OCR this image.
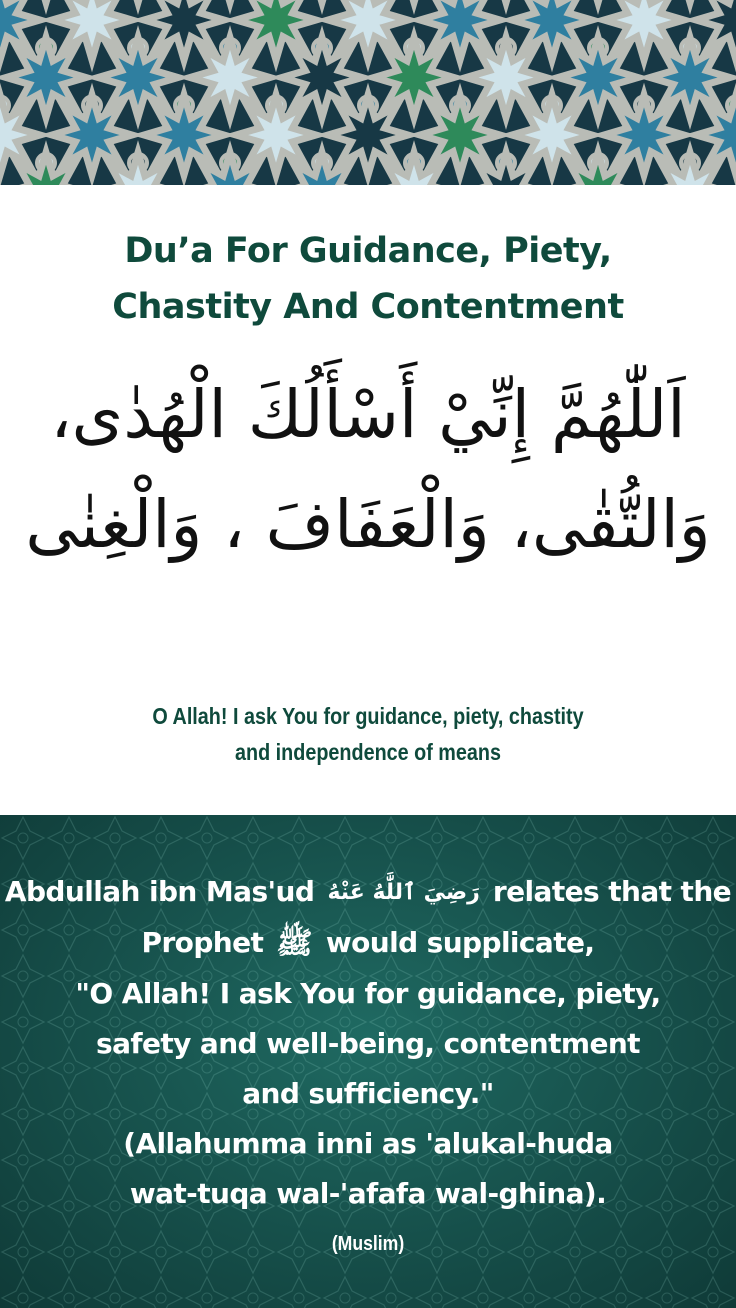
Du’a For Guidance, Piety,
Chastity And Contentment
اَللّٰهُمَّ إِنِّيْ أَسْأَلُكَ الْهُدٰى،
وَالتُّقٰى، وَالْعَفَافَ ، وَالْغِنٰى
O Allah! I ask You for guidance, piety, chastity
and independence of means
Abdullah ibn Mas'ud رَضِيَ ٱللَّٰهُ عَنْهُ relates that the
Prophet ﷺ would supplicate,
"O Allah! I ask You for guidance, piety,
safety and well-being, contentment
and sufficiency."
(Allahumma inni as 'alukal-huda
wat-tuqa wal-'afafa wal-ghina).
(Muslim)
